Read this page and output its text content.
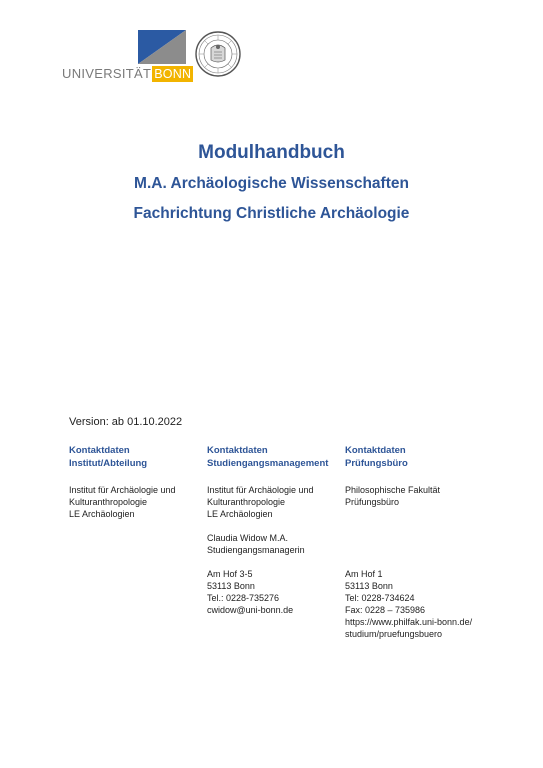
UNIVERSITÄT BONN
Modulhandbuch
M.A. Archäologische Wissenschaften
Fachrichtung Christliche Archäologie
Version: ab 01.10.2022
Kontaktdaten
Institut/Abteilung
Institut für Archäologie und
Kulturanthropologie
LE Archäologien
Kontaktdaten
Studiengangsmanagement
Institut für Archäologie und
Kulturanthropologie
LE Archäologien
Claudia Widow M.A.
Studiengangsmanagerin
Am Hof 3-5
53113 Bonn
Tel.: 0228-735276
cwidow@uni-bonn.de
Kontaktdaten
Prüfungsbüro
Philosophische Fakultät
Prüfungsbüro
Am Hof 1
53113 Bonn
Tel: 0228-734624
Fax: 0228 – 735986
https://www.philfak.uni-bonn.de/
studium/pruefungsbuero
